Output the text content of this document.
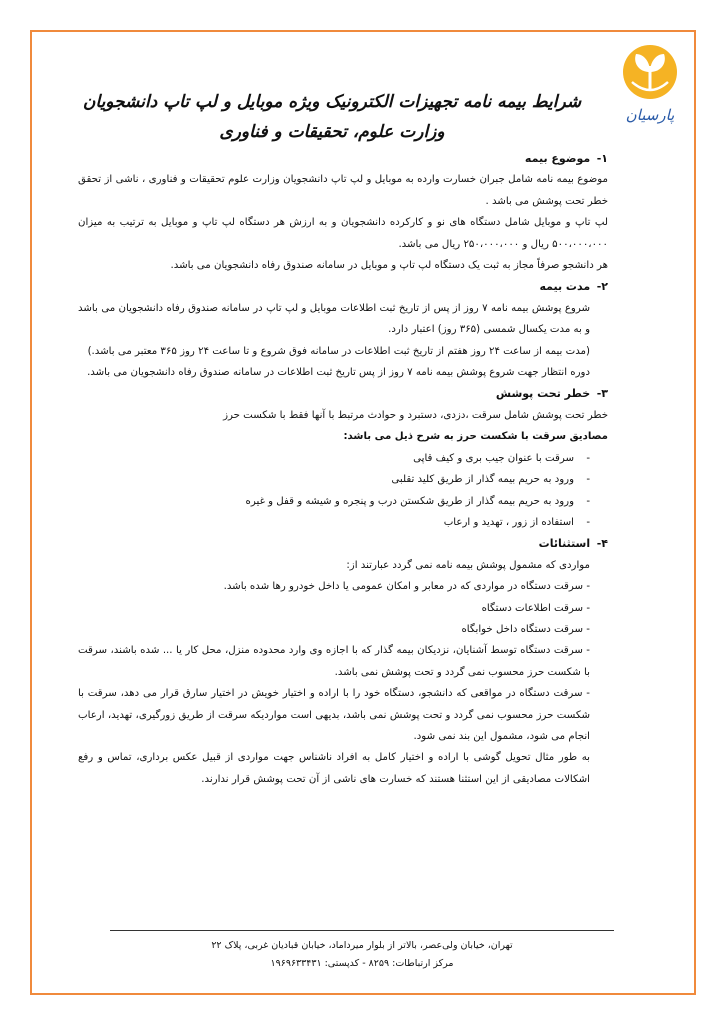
پارسیان
شرایط بیمه نامه تجهیزات الکترونیک ویژه موبایل و لپ تاپ دانشجویان
وزارت علوم، تحقیقات و فناوری
۱- موضوع بیمه

موضوع بیمه نامه شامل جبران خسارت وارده به موبایل و لپ تاپ دانشجویان وزارت علوم تحقیقات و فناوری ، ناشی از تحقق خطر تحت پوشش می باشد .

لپ تاپ و موبایل شامل دستگاه های نو و کارکرده دانشجویان و به ارزش هر دستگاه لپ تاپ و موبایل به ترتیب به میزان ۵۰۰،۰۰۰،۰۰۰ ریال و ۲۵۰،۰۰۰،۰۰۰ ریال می باشد.

هر دانشجو صرفاً مجاز به ثبت یک دستگاه لپ تاپ و موبایل در سامانه صندوق رفاه دانشجویان می باشد.

۲- مدت بیمه

شروع پوشش بیمه نامه ۷ روز از پس از تاریخ ثبت اطلاعات موبایل و لپ تاپ در سامانه صندوق رفاه دانشجویان می باشد و به مدت یکسال شمسی (۳۶۵ روز) اعتبار دارد.

(مدت بیمه از ساعت ۲۴ روز هفتم از تاریخ ثبت اطلاعات در سامانه فوق شروع و تا ساعت ۲۴ روز ۳۶۵ معتبر می باشد.)

دوره انتظار جهت شروع پوشش بیمه نامه ۷ روز از پس تاریخ ثبت اطلاعات در سامانه صندوق رفاه دانشجویان می باشد.

۳- خطر تحت پوشش

خطر تحت پوشش شامل سرقت ،دزدی، دستبرد و حوادث مرتبط با آنها فقط با شکست حرز

مصادیق سرقت با شکست حرز به شرح ذیل می باشد:

- سرقت با عنوان جیب بری و کیف قاپی
- ورود به حریم بیمه گذار از طریق کلید تقلبی
- ورود به حریم بیمه گذار از طریق شکستن درب و پنجره و شیشه و قفل و غیره
- استفاده از زور ، تهدید و ارعاب
۴- استثنائات

مواردی که مشمول پوشش بیمه نامه نمی گردد عبارتند از:

- سرقت دستگاه در مواردی که در معابر و امکان عمومی یا داخل خودرو رها شده باشد.

- سرقت اطلاعات دستگاه

- سرقت دستگاه داخل خوابگاه

- سرقت دستگاه توسط آشنایان، نزدیکان بیمه گذار که با اجازه وی وارد محدوده منزل، محل کار یا ... شده باشند، سرقت با شکست حرز محسوب نمی گردد و تحت پوشش نمی باشد.

- سرقت دستگاه در مواقعی که دانشجو، دستگاه خود را با اراده و اختیار خویش در اختیار سارق قرار می دهد، سرقت با شکست حرز محسوب نمی گردد و تحت پوشش نمی باشد، بدیهی است مواردیکه سرقت از طریق زورگیری، تهدید، ارعاب انجام می شود، مشمول این بند نمی شود.

به طور مثال تحویل گوشی با اراده و اختیار کامل به افراد ناشناس جهت مواردی از قبیل عکس برداری، تماس و رفع اشکالات مصادیقی از این استثنا هستند که خسارت های ناشی از آن تحت پوشش قرار ندارند.

تهران، خیابان ولی‌عصر، بالاتر از بلوار میرداماد، خیابان قبادیان غربی، پلاک ۲۲
مرکز ارتباطات: ۸۲۵۹ - کدپستی: ۱۹۶۹۶۳۳۴۳۱
